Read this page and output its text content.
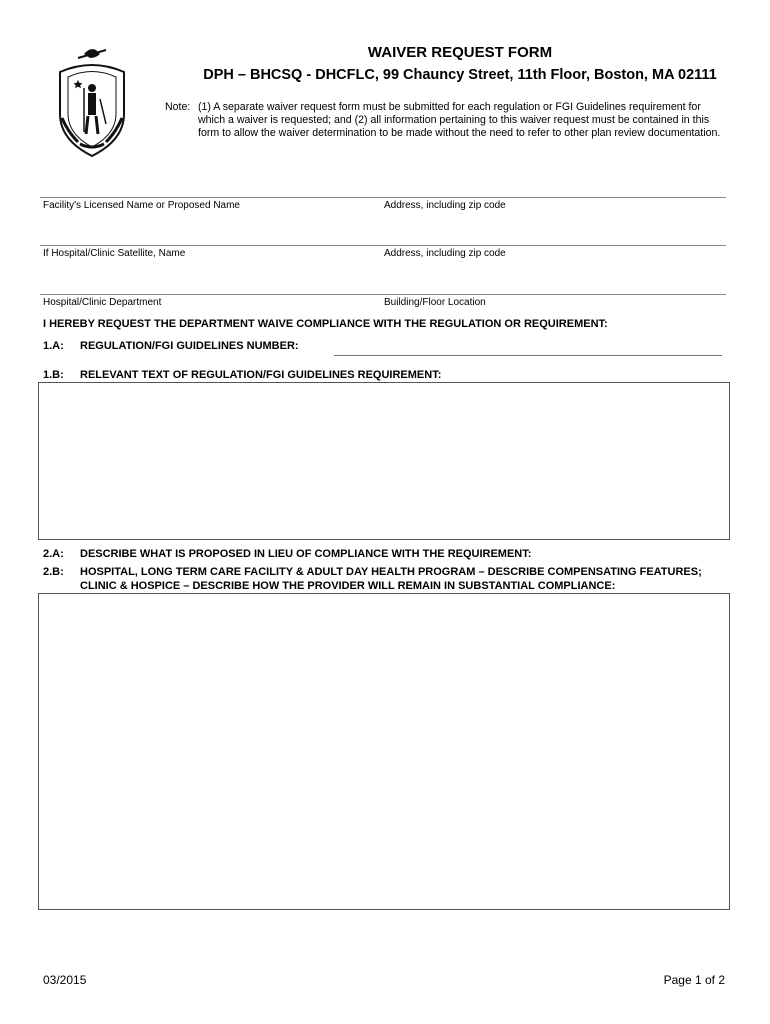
WAIVER REQUEST FORM
DPH – BHCSQ - DHCFLC, 99 Chauncy Street, 11th Floor, Boston, MA 02111
Note: (1) A separate waiver request form must be submitted for each regulation or FGI Guidelines requirement for which a waiver is requested; and (2) all information pertaining to this waiver request must be contained in this form to allow the waiver determination to be made without the need to refer to other plan review documentation.
Facility's Licensed Name or Proposed Name	Address, including zip code
If Hospital/Clinic Satellite, Name	Address, including zip code
Hospital/Clinic Department	Building/Floor Location
I HEREBY REQUEST THE DEPARTMENT WAIVE COMPLIANCE WITH THE REGULATION OR REQUIREMENT:
1.A: REGULATION/FGI GUIDELINES NUMBER:
1.B: RELEVANT TEXT OF REGULATION/FGI GUIDELINES REQUIREMENT:
2.A: DESCRIBE WHAT IS PROPOSED IN LIEU OF COMPLIANCE WITH THE REQUIREMENT:
2.B: HOSPITAL, LONG TERM CARE FACILITY & ADULT DAY HEALTH PROGRAM – DESCRIBE COMPENSATING FEATURES;
CLINIC & HOSPICE – DESCRIBE HOW THE PROVIDER WILL REMAIN IN SUBSTANTIAL COMPLIANCE:
03/2015	Page 1 of 2
